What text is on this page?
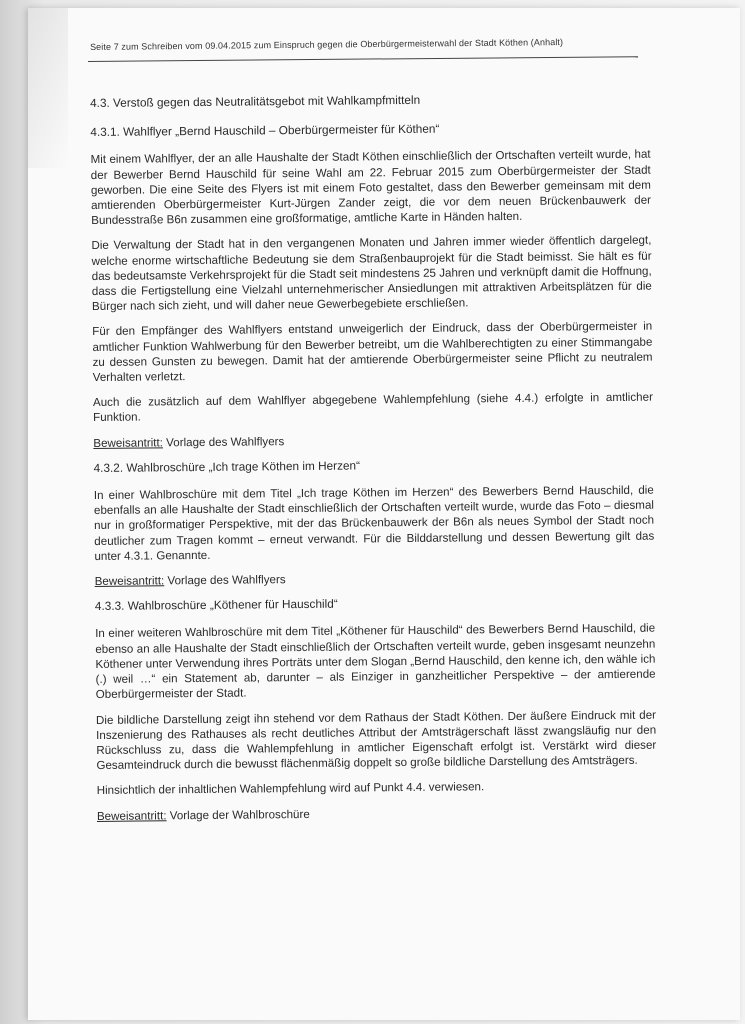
Seite 7 zum Schreiben vom 09.04.2015 zum Einspruch gegen die Oberbürgermeisterwahl der Stadt Köthen (Anhalt)
4.3. Verstoß gegen das Neutralitätsgebot mit Wahlkampfmitteln
4.3.1. Wahlflyer „Bernd Hauschild – Oberbürgermeister für Köthen“

Mit einem Wahlflyer, der an alle Haushalte der Stadt Köthen einschließlich der Ortschaften verteilt wurde, hat der Bewerber Bernd Hauschild für seine Wahl am 22. Februar 2015 zum Oberbürgermeister der Stadt geworben. Die eine Seite des Flyers ist mit einem Foto gestaltet, dass den Bewerber gemeinsam mit dem amtierenden Oberbürgermeister Kurt-Jürgen Zander zeigt, die vor dem neuen Brückenbauwerk der Bundesstraße B6n zusammen eine großformatige, amtliche Karte in Händen halten.

Die Verwaltung der Stadt hat in den vergangenen Monaten und Jahren immer wieder öffentlich dargelegt, welche enorme wirtschaftliche Bedeutung sie dem Straßenbauprojekt für die Stadt beimisst. Sie hält es für das bedeutsamste Verkehrsprojekt für die Stadt seit mindestens 25 Jahren und verknüpft damit die Hoffnung, dass die Fertigstellung eine Vielzahl unternehmerischer Ansiedlungen mit attraktiven Arbeitsplätzen für die Bürger nach sich zieht, und will daher neue Gewerbegebiete erschließen.

Für den Empfänger des Wahlflyers entstand unweigerlich der Eindruck, dass der Oberbürgermeister in amtlicher Funktion Wahlwerbung für den Bewerber betreibt, um die Wahlberechtigten zu einer Stimmangabe zu dessen Gunsten zu bewegen. Damit hat der amtierende Oberbürgermeister seine Pflicht zu neutralem Verhalten verletzt.

Auch die zusätzlich auf dem Wahlflyer abgegebene Wahlempfehlung (siehe 4.4.) erfolgte in amtlicher Funktion.

Beweisantritt: Vorlage des Wahlflyers

4.3.2. Wahlbroschüre „Ich trage Köthen im Herzen“

In einer Wahlbroschüre mit dem Titel „Ich trage Köthen im Herzen“ des Bewerbers Bernd Hauschild, die ebenfalls an alle Haushalte der Stadt einschließlich der Ortschaften verteilt wurde, wurde das Foto – diesmal nur in großformatiger Perspektive, mit der das Brückenbauwerk der B6n als neues Symbol der Stadt noch deutlicher zum Tragen kommt – erneut verwandt. Für die Bilddarstellung und dessen Bewertung gilt das unter 4.3.1. Genannte.

Beweisantritt: Vorlage des Wahlflyers

4.3.3. Wahlbroschüre „Köthener für Hauschild“

In einer weiteren Wahlbroschüre mit dem Titel „Köthener für Hauschild“ des Bewerbers Bernd Hauschild, die ebenso an alle Haushalte der Stadt einschließlich der Ortschaften verteilt wurde, geben insgesamt neunzehn Köthener unter Verwendung ihres Porträts unter dem Slogan „Bernd Hauschild, den kenne ich, den wähle ich (.) weil …“ ein Statement ab, darunter – als Einziger in ganzheitlicher Perspektive – der amtierende Oberbürgermeister der Stadt.

Die bildliche Darstellung zeigt ihn stehend vor dem Rathaus der Stadt Köthen. Der äußere Eindruck mit der Inszenierung des Rathauses als recht deutliches Attribut der Amtsträgerschaft lässt zwangsläufig nur den Rückschluss zu, dass die Wahlempfehlung in amtlicher Eigenschaft erfolgt ist. Verstärkt wird dieser Gesamteindruck durch die bewusst flächenmäßig doppelt so große bildliche Darstellung des Amtsträgers.

Hinsichtlich der inhaltlichen Wahlempfehlung wird auf Punkt 4.4. verwiesen.

Beweisantritt: Vorlage der Wahlbroschüre
